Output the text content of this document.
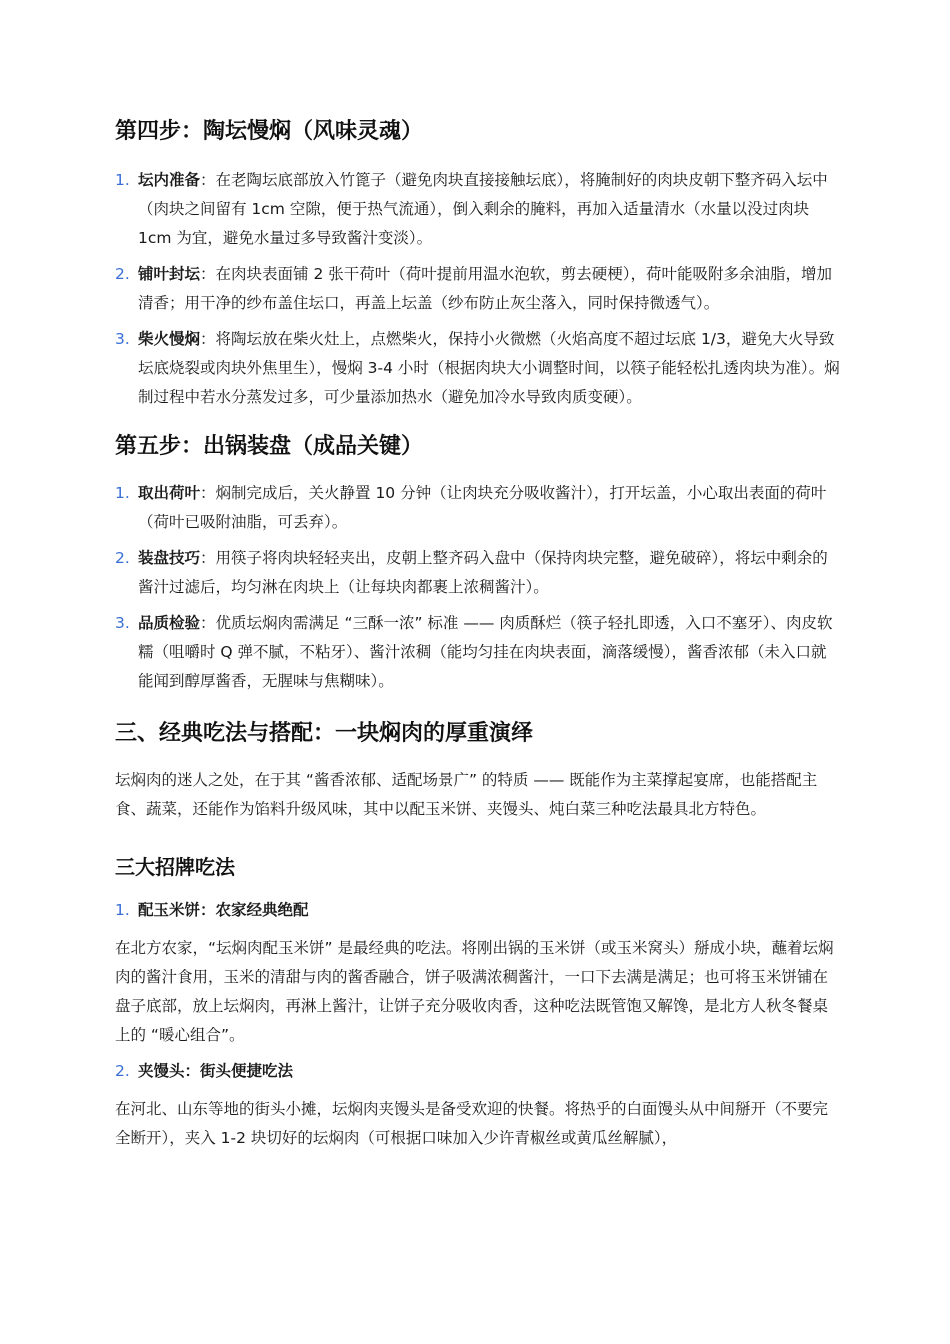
第四步：陶坛慢焖（风味灵魂）
1. 坛内准备：在老陶坛底部放入竹篦子（避免肉块直接接触坛底），将腌制好的肉块皮朝下整齐码入坛中（肉块之间留有 1cm 空隙，便于热气流通），倒入剩余的腌料，再加入适量清水（水量以没过肉块 1cm 为宜，避免水量过多导致酱汁变淡）。
2. 铺叶封坛：在肉块表面铺 2 张干荷叶（荷叶提前用温水泡软，剪去硬梗），荷叶能吸附多余油脂，增加清香；用干净的纱布盖住坛口，再盖上坛盖（纱布防止灰尘落入，同时保持微透气）。
3. 柴火慢焖：将陶坛放在柴火灶上，点燃柴火，保持小火微燃（火焰高度不超过坛底 1/3，避免大火导致坛底烧裂或肉块外焦里生），慢焖 3-4 小时（根据肉块大小调整时间，以筷子能轻松扎透肉块为准）。焖制过程中若水分蒸发过多，可少量添加热水（避免加冷水导致肉质变硬）。
第五步：出锅装盘（成品关键）
1. 取出荷叶：焖制完成后，关火静置 10 分钟（让肉块充分吸收酱汁），打开坛盖，小心取出表面的荷叶（荷叶已吸附油脂，可丢弃）。
2. 装盘技巧：用筷子将肉块轻轻夹出，皮朝上整齐码入盘中（保持肉块完整，避免破碎），将坛中剩余的酱汁过滤后，均匀淋在肉块上（让每块肉都裹上浓稠酱汁）。
3. 品质检验：优质坛焖肉需满足 “三酥一浓” 标准 —— 肉质酥烂（筷子轻扎即透，入口不塞牙）、肉皮软糯（咀嚼时 Q 弹不腻，不粘牙）、酱汁浓稠（能均匀挂在肉块表面，滴落缓慢），酱香浓郁（未入口就能闻到醇厚酱香，无腥味与焦糊味）。
三、经典吃法与搭配：一块焖肉的厚重演绎

坛焖肉的迷人之处，在于其 “酱香浓郁、适配场景广” 的特质 —— 既能作为主菜撑起宴席，也能搭配主食、蔬菜，还能作为馅料升级风味，其中以配玉米饼、夹馒头、炖白菜三种吃法最具北方特色。

三大招牌吃法
1. 配玉米饼：农家经典绝配

在北方农家，“坛焖肉配玉米饼” 是最经典的吃法。将刚出锅的玉米饼（或玉米窝头）掰成小块，蘸着坛焖肉的酱汁食用，玉米的清甜与肉的酱香融合，饼子吸满浓稠酱汁，一口下去满是满足；也可将玉米饼铺在盘子底部，放上坛焖肉，再淋上酱汁，让饼子充分吸收肉香，这种吃法既管饱又解馋，是北方人秋冬餐桌上的 “暖心组合”。

2. 夹馒头：街头便捷吃法

在河北、山东等地的街头小摊，坛焖肉夹馒头是备受欢迎的快餐。将热乎的白面馒头从中间掰开（不要完全断开），夹入 1-2 块切好的坛焖肉（可根据口味加入少许青椒丝或黄瓜丝解腻），
